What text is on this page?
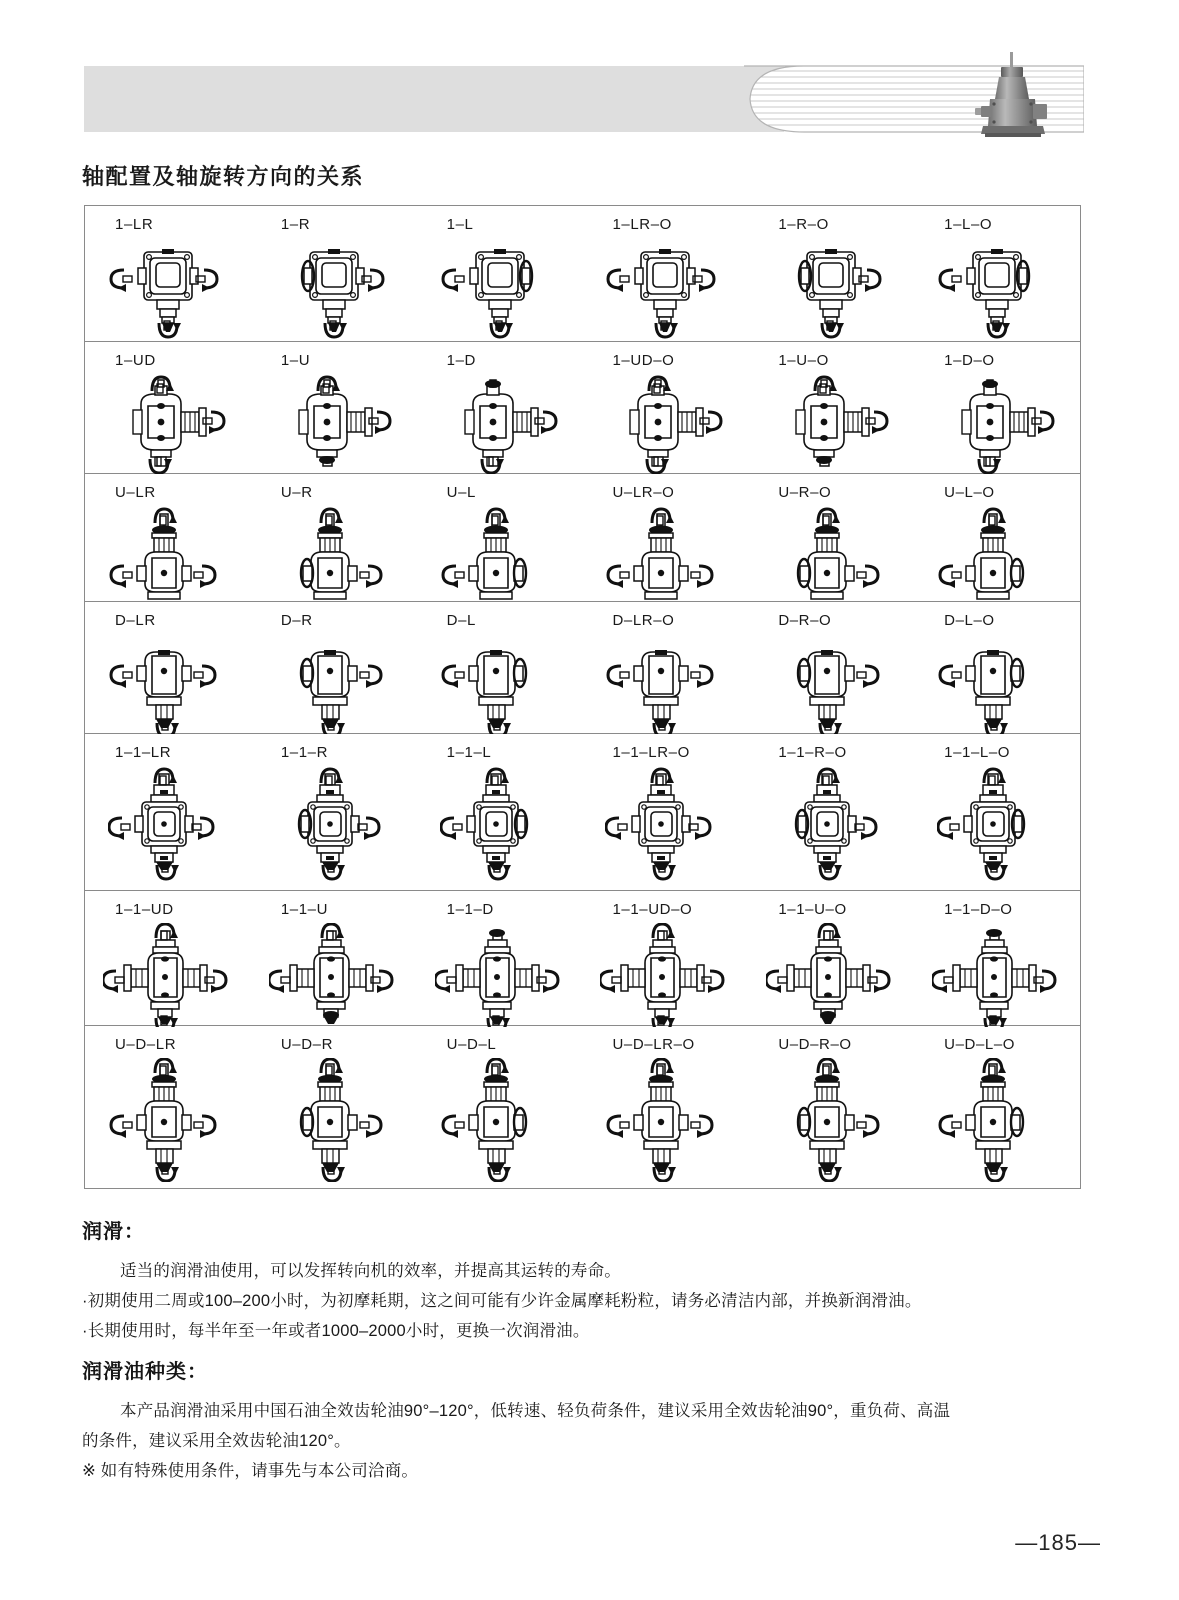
轴配置及轴旋转方向的关系
1–LR	1–R	1–L	1–LR–O	1–R–O	1–L–O
1–UD	1–U	1–D	1–UD–O	1–U–O	1–D–O
U–LR	U–R	U–L	U–LR–O	U–R–O	U–L–O
D–LR	D–R	D–L	D–LR–O	D–R–O	D–L–O
1–1–LR	1–1–R	1–1–L	1–1–LR–O	1–1–R–O	1–1–L–O
1–1–UD	1–1–U	1–1–D	1–1–UD–O	1–1–U–O	1–1–D–O
U–D–LR	U–D–R	U–D–L	U–D–LR–O	U–D–R–O	U–D–L–O
润滑：
适当的润滑油使用，可以发挥转向机的效率，并提高其运转的寿命。
·初期使用二周或100–200小时，为初摩耗期，这之间可能有少许金属摩耗粉粒，请务必清洁内部，并换新润滑油。
·长期使用时，每半年至一年或者1000–2000小时，更换一次润滑油。
润滑油种类：
本产品润滑油采用中国石油全效齿轮油90°–120°，低转速、轻负荷条件，建议采用全效齿轮油90°，重负荷、高温
的条件，建议采用全效齿轮油120°。
※ 如有特殊使用条件，请事先与本公司洽商。
—185—
